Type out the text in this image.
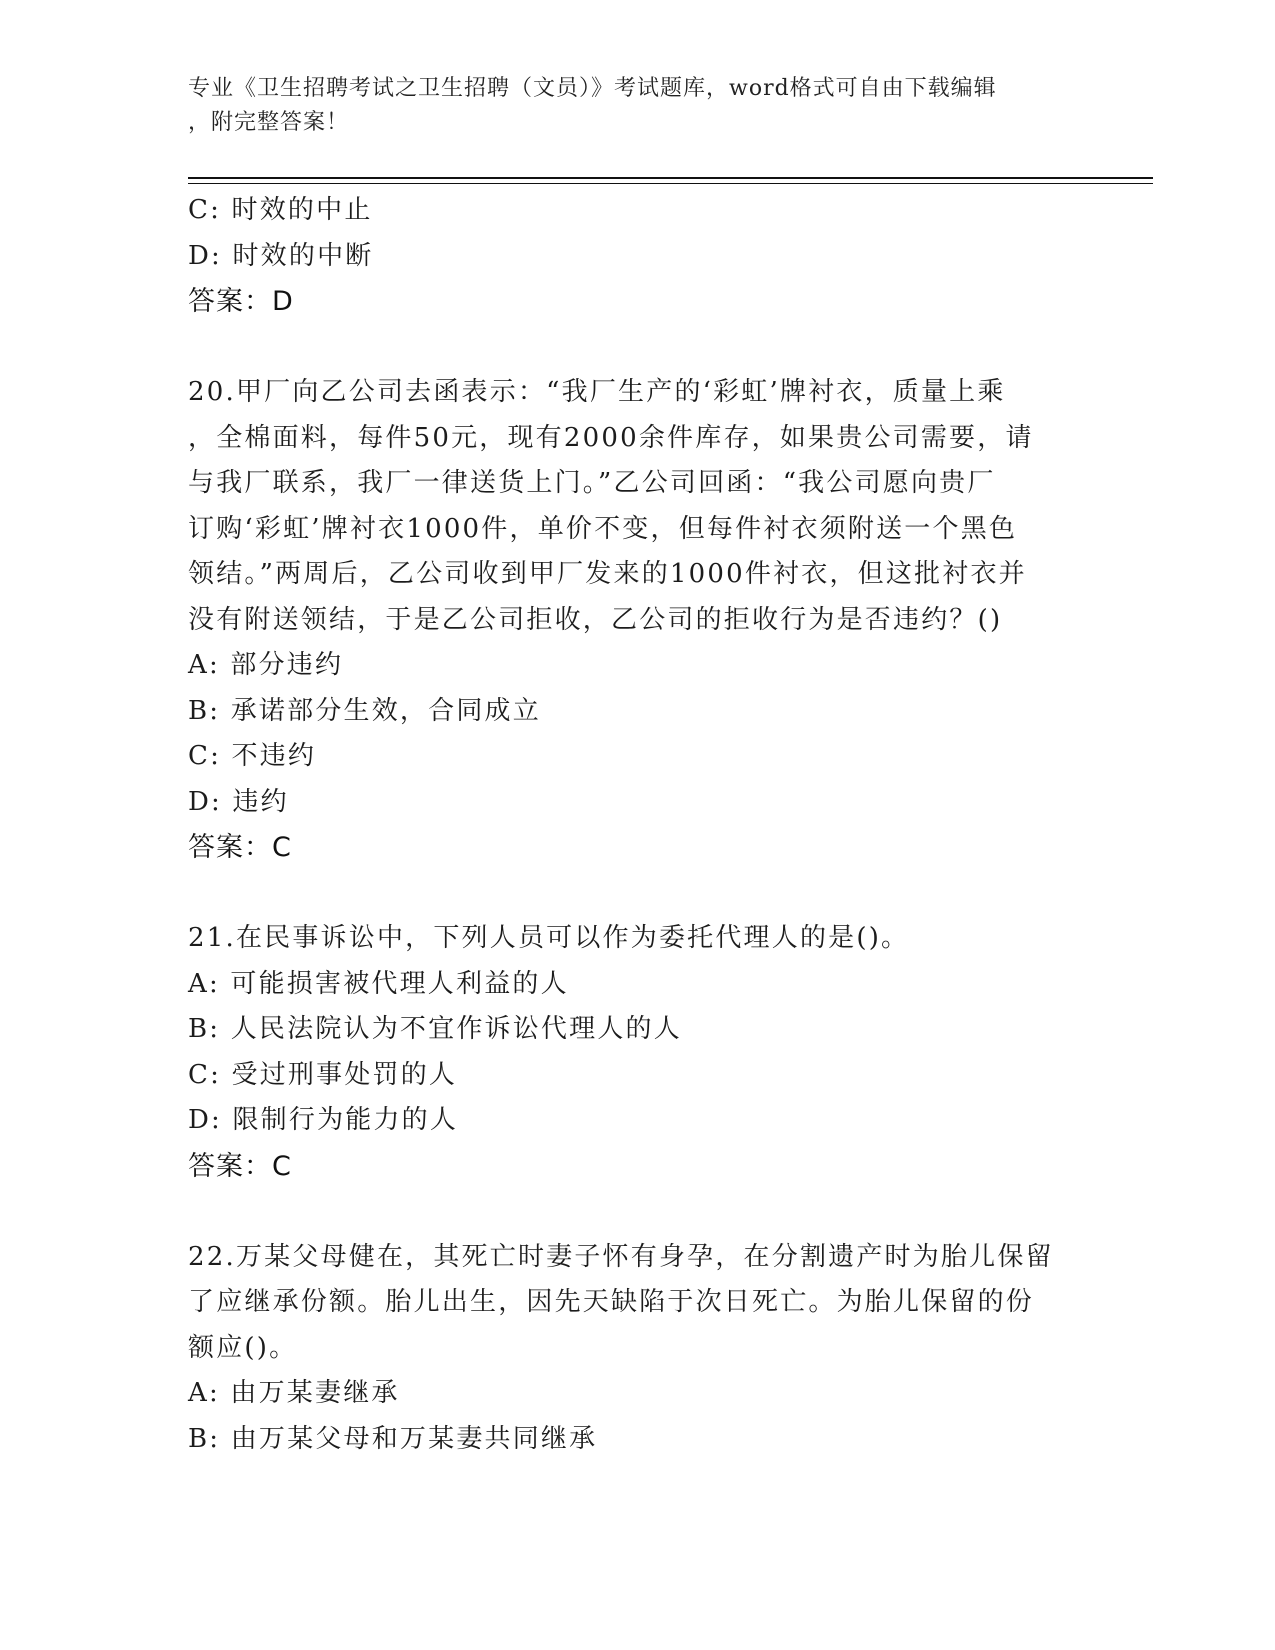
专业《卫生招聘考试之卫生招聘（文员）》考试题库，word格式可自由下载编辑
，附完整答案！
C: 时效的中止
D: 时效的中断
答案：D
20.甲厂向乙公司去函表示：“我厂生产的‘彩虹’牌衬衣，质量上乘
，全棉面料，每件50元，现有2000余件库存，如果贵公司需要，请
与我厂联系，我厂一律送货上门。”乙公司回函：“我公司愿向贵厂
订购‘彩虹’牌衬衣1000件，单价不变，但每件衬衣须附送一个黑色
领结。”两周后，乙公司收到甲厂发来的1000件衬衣，但这批衬衣并
没有附送领结，于是乙公司拒收，乙公司的拒收行为是否违约？()
A: 部分违约
B: 承诺部分生效，合同成立
C: 不违约
D: 违约
答案：C
21.在民事诉讼中，下列人员可以作为委托代理人的是()。
A: 可能损害被代理人利益的人
B: 人民法院认为不宜作诉讼代理人的人
C: 受过刑事处罚的人
D: 限制行为能力的人
答案：C
22.万某父母健在，其死亡时妻子怀有身孕，在分割遗产时为胎儿保留
了应继承份额。胎儿出生，因先天缺陷于次日死亡。为胎儿保留的份
额应()。
A: 由万某妻继承
B: 由万某父母和万某妻共同继承
